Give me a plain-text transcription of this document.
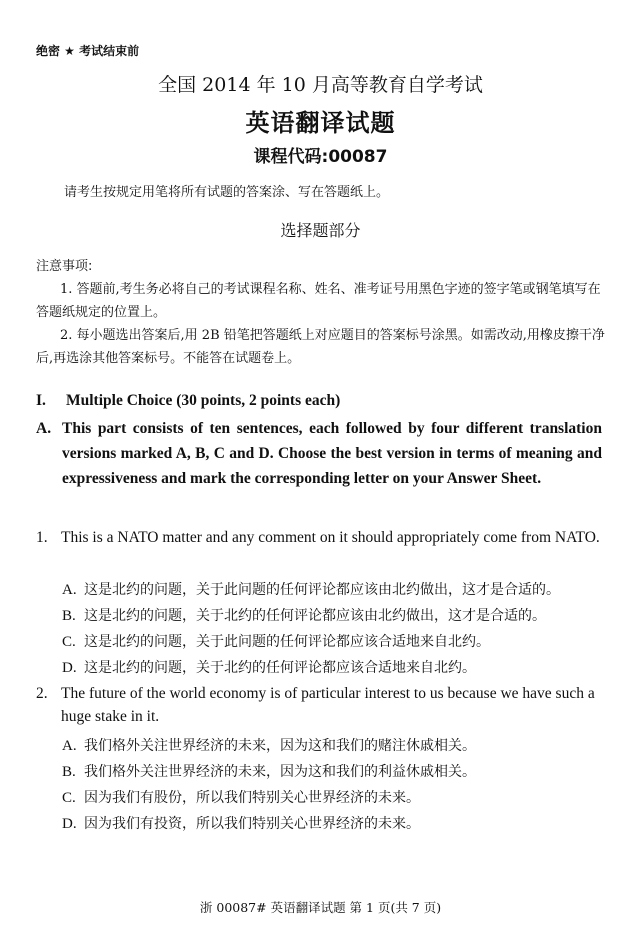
绝密 ★ 考试结束前
全国 2014 年 10 月高等教育自学考试
英语翻译试题
课程代码:00087
请考生按规定用笔将所有试题的答案涂、写在答题纸上。
选择题部分
注意事项:
1. 答题前,考生务必将自己的考试课程名称、姓名、准考证号用黑色字迹的签字笔或钢笔填写在答题纸规定的位置上。
2. 每小题选出答案后,用 2B 铅笔把答题纸上对应题目的答案标号涂黑。如需改动,用橡皮擦干净后,再选涂其他答案标号。不能答在试题卷上。
I. Multiple Choice (30 points, 2 points each)
A. This part consists of ten sentences, each followed by four different translation versions marked A, B, C and D. Choose the best version in terms of meaning and expressiveness and mark the corresponding letter on your Answer Sheet.
1. This is a NATO matter and any comment on it should appropriately come from NATO.
A. 这是北约的问题，关于此问题的任何评论都应该由北约做出，这才是合适的。
B. 这是北约的问题，关于北约的任何评论都应该由北约做出，这才是合适的。
C. 这是北约的问题，关于此问题的任何评论都应该合适地来自北约。
D. 这是北约的问题，关于北约的任何评论都应该合适地来自北约。
2. The future of the world economy is of particular interest to us because we have such a huge stake in it.
A. 我们格外关注世界经济的未来，因为这和我们的赌注休戚相关。
B. 我们格外关注世界经济的未来，因为这和我们的利益休戚相关。
C. 因为我们有股份，所以我们特别关心世界经济的未来。
D. 因为我们有投资，所以我们特别关心世界经济的未来。
浙 00087# 英语翻译试题 第 1 页(共 7 页)
